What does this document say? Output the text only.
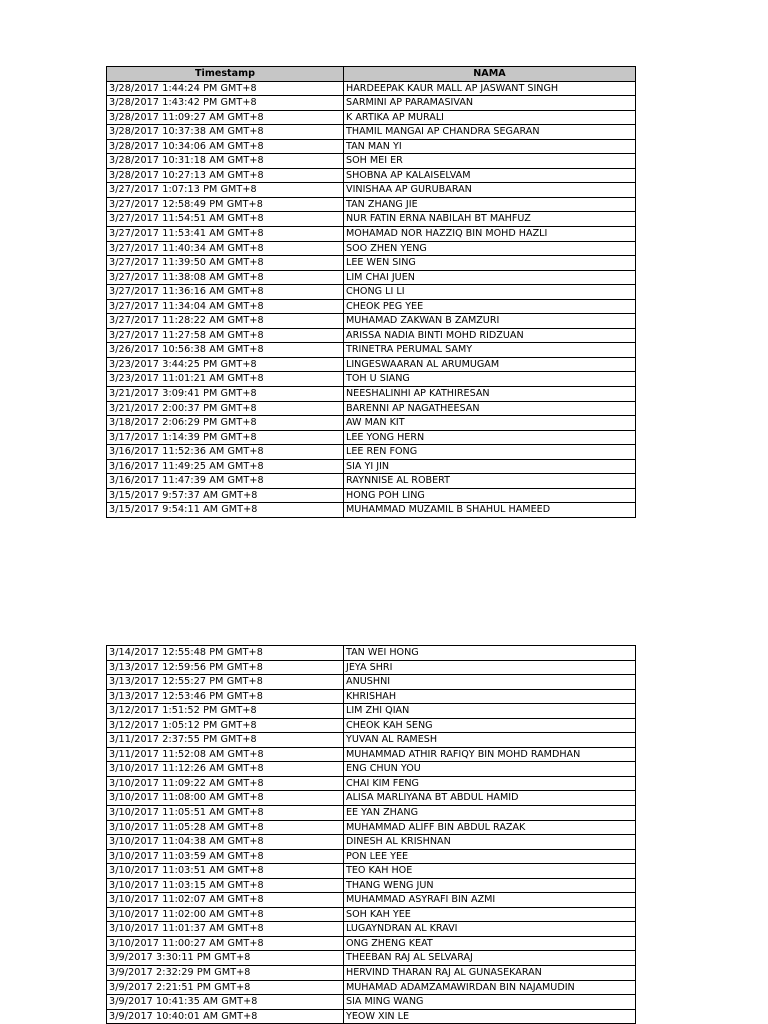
Timestamp	NAMA
3/28/2017 1:44:24 PM GMT+8	HARDEEPAK KAUR MALL AP JASWANT SINGH
3/28/2017 1:43:42 PM GMT+8	SARMINI AP PARAMASIVAN
3/28/2017 11:09:27 AM GMT+8	K ARTIKA AP MURALI
3/28/2017 10:37:38 AM GMT+8	THAMIL MANGAI AP CHANDRA SEGARAN
3/28/2017 10:34:06 AM GMT+8	TAN MAN YI
3/28/2017 10:31:18 AM GMT+8	SOH MEI ER
3/28/2017 10:27:13 AM GMT+8	SHOBNA AP KALAISELVAM
3/27/2017 1:07:13 PM GMT+8	VINISHAA AP GURUBARAN
3/27/2017 12:58:49 PM GMT+8	TAN ZHANG JIE
3/27/2017 11:54:51 AM GMT+8	NUR FATIN ERNA NABILAH BT MAHFUZ
3/27/2017 11:53:41 AM GMT+8	MOHAMAD NOR HAZZIQ BIN MOHD HAZLI
3/27/2017 11:40:34 AM GMT+8	SOO ZHEN YENG
3/27/2017 11:39:50 AM GMT+8	LEE WEN SING
3/27/2017 11:38:08 AM GMT+8	LIM CHAI JUEN
3/27/2017 11:36:16 AM GMT+8	CHONG LI LI
3/27/2017 11:34:04 AM GMT+8	CHEOK PEG YEE
3/27/2017 11:28:22 AM GMT+8	MUHAMAD ZAKWAN B ZAMZURI
3/27/2017 11:27:58 AM GMT+8	ARISSA NADIA BINTI MOHD RIDZUAN
3/26/2017 10:56:38 AM GMT+8	TRINETRA PERUMAL SAMY
3/23/2017 3:44:25 PM GMT+8	LINGESWAARAN AL ARUMUGAM
3/23/2017 11:01:21 AM GMT+8	TOH U SIANG
3/21/2017 3:09:41 PM GMT+8	NEESHALINHI AP KATHIRESAN
3/21/2017 2:00:37 PM GMT+8	BARENNI AP NAGATHEESAN
3/18/2017 2:06:29 PM GMT+8	AW MAN KIT
3/17/2017 1:14:39 PM GMT+8	LEE YONG HERN
3/16/2017 11:52:36 AM GMT+8	LEE REN FONG
3/16/2017 11:49:25 AM GMT+8	SIA YI JIN
3/16/2017 11:47:39 AM GMT+8	RAYNNISE AL ROBERT
3/15/2017 9:57:37 AM GMT+8	HONG POH LING
3/15/2017 9:54:11 AM GMT+8	MUHAMMAD MUZAMIL B SHAHUL HAMEED
3/14/2017 12:55:48 PM GMT+8	TAN WEI HONG
3/13/2017 12:59:56 PM GMT+8	JEYA SHRI
3/13/2017 12:55:27 PM GMT+8	ANUSHNI
3/13/2017 12:53:46 PM GMT+8	KHRISHAH
3/12/2017 1:51:52 PM GMT+8	LIM ZHI QIAN
3/12/2017 1:05:12 PM GMT+8	CHEOK KAH SENG
3/11/2017 2:37:55 PM GMT+8	YUVAN AL RAMESH
3/11/2017 11:52:08 AM GMT+8	MUHAMMAD ATHIR RAFIQY BIN MOHD RAMDHAN
3/10/2017 11:12:26 AM GMT+8	ENG CHUN YOU
3/10/2017 11:09:22 AM GMT+8	CHAI KIM FENG
3/10/2017 11:08:00 AM GMT+8	ALISA MARLIYANA BT ABDUL HAMID
3/10/2017 11:05:51 AM GMT+8	EE YAN ZHANG
3/10/2017 11:05:28 AM GMT+8	MUHAMMAD ALIFF BIN ABDUL RAZAK
3/10/2017 11:04:38 AM GMT+8	DINESH AL KRISHNAN
3/10/2017 11:03:59 AM GMT+8	PON LEE YEE
3/10/2017 11:03:51 AM GMT+8	TEO KAH HOE
3/10/2017 11:03:15 AM GMT+8	THANG WENG JUN
3/10/2017 11:02:07 AM GMT+8	MUHAMMAD ASYRAFI BIN AZMI
3/10/2017 11:02:00 AM GMT+8	SOH KAH YEE
3/10/2017 11:01:37 AM GMT+8	LUGAYNDRAN AL KRAVI
3/10/2017 11:00:27 AM GMT+8	ONG ZHENG KEAT
3/9/2017 3:30:11 PM GMT+8	THEEBAN RAJ AL SELVARAJ
3/9/2017 2:32:29 PM GMT+8	HERVIND THARAN RAJ AL GUNASEKARAN
3/9/2017 2:21:51 PM GMT+8	MUHAMAD ADAMZAMAWIRDAN BIN NAJAMUDIN
3/9/2017 10:41:35 AM GMT+8	SIA MING WANG
3/9/2017 10:40:01 AM GMT+8	YEOW XIN LE
